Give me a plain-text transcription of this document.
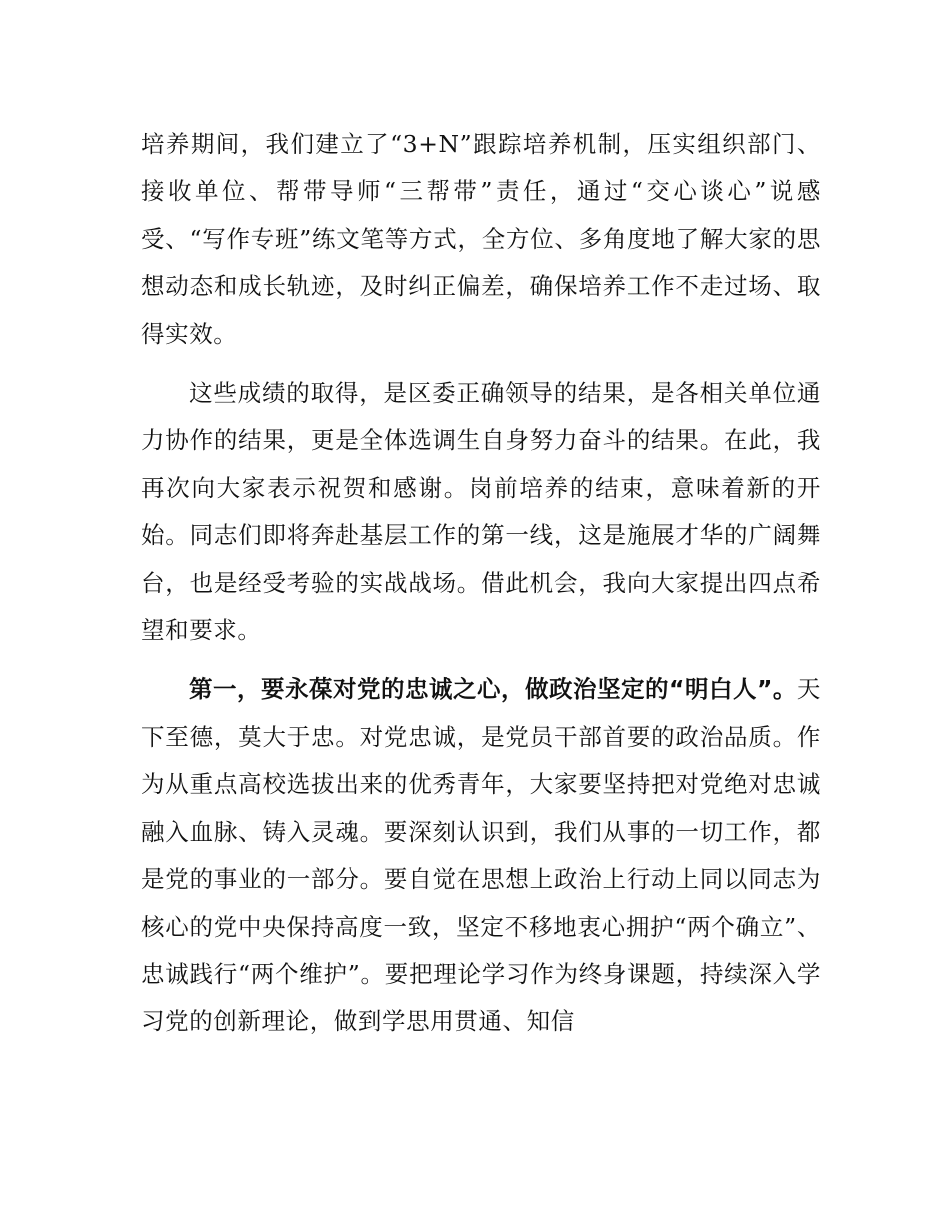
培养期间，我们建立了“3+N”跟踪培养机制，压实组织部门、接收单位、帮带导师“三帮带”责任，通过“交心谈心”说感受、“写作专班”练文笔等方式，全方位、多角度地了解大家的思想动态和成长轨迹，及时纠正偏差，确保培养工作不走过场、取得实效。

这些成绩的取得，是区委正确领导的结果，是各相关单位通力协作的结果，更是全体选调生自身努力奋斗的结果。在此，我再次向大家表示祝贺和感谢。岗前培养的结束，意味着新的开始。同志们即将奔赴基层工作的第一线，这是施展才华的广阔舞台，也是经受考验的实战战场。借此机会，我向大家提出四点希望和要求。

第一，要永葆对党的忠诚之心，做政治坚定的“明白人”。天下至德，莫大于忠。对党忠诚，是党员干部首要的政治品质。作为从重点高校选拔出来的优秀青年，大家要坚持把对党绝对忠诚融入血脉、铸入灵魂。要深刻认识到，我们从事的一切工作，都是党的事业的一部分。要自觉在思想上政治上行动上同以同志为核心的党中央保持高度一致，坚定不移地衷心拥护“两个确立”、忠诚践行“两个维护”。要把理论学习作为终身课题，持续深入学习党的创新理论，做到学思用贯通、知信
